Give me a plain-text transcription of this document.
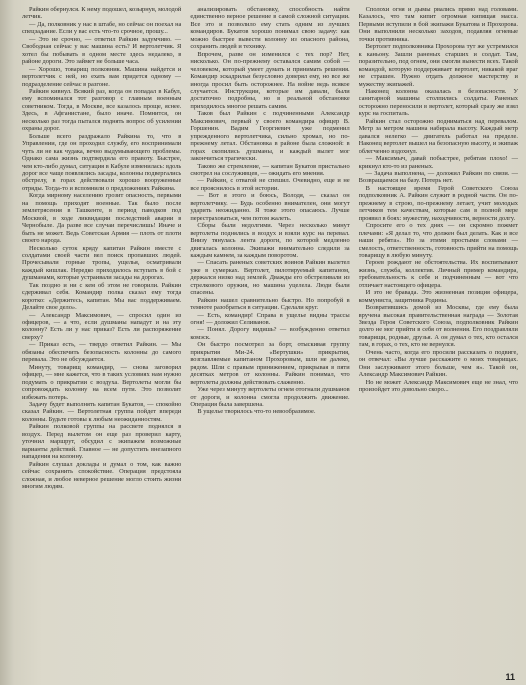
Райкин обернулся. К нему подошел, козырнув, молодой летчик.

— Да, полковник у нас в штабе, но сейчас он поехал на спецзадание. Если у вас есть что-то срочное, прошу...

— Это не срочно, — ответил Райкин задумчиво. — Свободная сейчас у вас машина есть? И вертолетчик. Я хотел бы побывать в одном месте здесь недалеко, в районе дороги. Это займет не больше часа.

— Хорошо, товарищ полковник. Машина найдется и вертолетчик с ней, но ехать вам придется одному — подразделение сейчас в разгоне.

Райкин кивнул. Всякий раз, когда он попадал в Кабул, ему вспоминался тот разговор с главным военным советником. Тогда, в Москве, все казалось проще, яснее. Здесь, в Афганистане, было иначе. Помнится, он несколько раз тогда пытался поднять вопрос об усилении охраны дорог.

Больше всего раздражало Райкина то, что в Управлении, где он проходил службу, его воспринимали чуть ли не как чудака, вечно выдумывающего проблемы. Однако сама жизнь подтвердила его правоту. Быстрее, чем кто-либо думал, ситуация в Кабуле изменилась: вдоль дорог все чаще появлялись засады, колонны подвергались обстрелу, в горах действовали хорошо вооруженные отряды. Тогда-то и вспомнили о предложениях Райкина.

Когда мирному населению грозит опасность, первыми на помощь приходят военные. Так было после землетрясения в Ташкенте, в период паводков под Москвой, в ходе ликвидации последствий аварии в Чернобыле. Да разве все случаи перечислишь! Иначе и быть не может. Ведь Советская Армия — плоть от плоти своего народа.

Несколько суток кряду капитан Райкин вместе с солдатами своей части вел поиск пропавших людей. Прочесывали горные тропы, ущелья, осматривали каждый кишлак. Нередко приходилось вступать в бой с душманами, которые устраивали засады на дорогах.

Так поздно и ни с кем об этом не говорили. Райкин сдерживал себя. Командир полка сказал ему тогда коротко: «Держитесь, капитан. Мы вас поддерживаем. Делайте свое дело».

— Александр Максимович, — спросил один из офицеров, — а что, если душманы нападут и на эту колонну? Есть ли у нас приказ? Есть ли распоряжение сверху?

— Приказ есть, — твердо ответил Райкин. — Мы обязаны обеспечить безопасность колонны до самого перевала. Это не обсуждается.

Минуту, товарищ командир, — снова заговорил офицер, — мне кажется, что в таких условиях нам нужно подумать о прикрытии с воздуха. Вертолеты могли бы сопровождать колонну на всем пути. Это позволит избежать потерь.

Задачу будет выполнять капитан Букатов, — спокойно сказал Райкин. — Вертолетная группа пойдет впереди колонны. Будьте готовы к любым неожиданностям.

Райкин полковой группы на рассвете поднялся в воздух. Перед вылетом он еще раз проверил карту, уточнил маршрут, обсудил с экипажем возможные варианты действий. Главное — не допустить внезапного нападения на колонну.

Райкин слушал доклады и думал о том, как важно сейчас сохранить спокойствие. Операция предстояла сложная, и любое неверное решение могло стоить жизни многим людям.

анализировать обстановку, способность найти единственно верное решение в самой сложной ситуации. Все это и позволило ему стать одним из лучших командиров. Букатов хорошо понимал свою задачу: как можно быстрее вывести колонну из опасного района, сохранить людей и технику.

Впрочем, разве он изменился с тех пор? Нет, нисколько. Он по-прежнему оставался самим собой — человеком, который умеет думать и принимать решения. Командир эскадрильи безусловно доверял ему, но все же иногда просил быть осторожнее. На войне ведь всякое случается. Инструкции, которые им давали, были достаточно подробны, но в реальной обстановке приходилось многое решать самим.

Таков был Райкин с подчиненными Александр Максимович, первый у своего командира офицер В. Горшенин. Вадим Георгиевич уже подменил упрежденного вертолетчика, сильно хромал, но по-прежнему летал. Обстановка в районе была сложной: в горах скопились душманы, и каждый вылет мог закончиться трагически.

Таково же стремление, — капитан Букатов пристально смотрел на сослуживцев, — ожидать его мнения.

— Райкин, с отвагой не спешил. Очевидно, еще и не все прояснилось в этой истории.

— Вот я этого и боюсь, Володя, — сказал он вертолетчику. — Будь особенно внимателен, они могут ударить неожиданно. Я тоже этого опасаюсь. Лучше перестраховаться, чем потом жалеть.

Сборы были недолгими. Через несколько минут вертолеты поднялись в воздух и взяли курс на перевал. Внизу тянулась лента дороги, по которой медленно двигалась колонна. Экипажи внимательно следили за каждым камнем, за каждым поворотом.

— Спасать раненых советских воинов Райкин вылетел уже в сумерках. Вертолет, пилотируемый капитаном, держался низко над землей. Дважды его обстреливали из стрелкового оружия, но машина уцелела. Люди были спасены.

Райкин нашел сравнительно быстро. Но попробуй в темноте разобраться в ситуации. Сделали круг.

— Есть, командир! Справа в ущелье видны трассы огня! — доложил Селиванов.

— Понял. Дорогу видишь? — возбужденно ответил комэск.

Он быстро посмотрел за борт, отыскивая группу прикрытия Ми-24. «Вертушки» прикрытия, возглавляемые капитаном Прохоровым, шли не далеко, рядом. Шли с правым принижением, прикрывая в пяти десятках метров от колонны. Райкин понимал, что вертолеты должны действовать слаженно.

Уже через минуту вертолеты огнем отогнали душманов от дороги, и колонна смогла продолжить движение. Операция была завершена.

В ущелье творилось что-то невообразимое.

Сполохи огня и дымы рвались прямо над головами. Казалось, что там кипит огромная кипящая масса. Первыми вступили в бой экипажи Букатова и Прохорова. Они выполнили несколько заходов, подавляя огневые точки противника.

Вертолет подполковника Прохорова тут же устремился к каньону. Зашли раненых старших и солдат. Там, поразительно, под огнем, они смогли вынести всех. Такой командой, которую поддерживает вертолет, никакой враг не страшен. Нужно отдать должное мастерству и мужеству экипажей.

Наконец колонна оказалась в безопасности. У санитарной машины столпились солдаты. Раненых осторожно переносили в вертолет, который сразу же взял курс на госпиталь.

Райкин стал осторожно подниматься над перевалом. Метр за метром машина набирала высоту. Каждый метр давался нелегко — двигатель работал на пределе. Наконец вертолет вышел на безопасную высоту, и экипаж облегченно вздохнул.

— Максимыч, давай побыстрее, ребятам плохо! — крикнул кто-то из раненых.

— Задача выполнена, — доложил Райкин по связи. — Возвращаемся на базу. Потерь нет.

В настоящее время Герой Советского Союза подполковник А. Райкин служит в родной части. Он по-прежнему в строю, по-прежнему летает, учит молодых летчиков тем качествам, которые сам в полной мере проявил в боях: мужеству, находчивости, верности долгу.

Спросите его о тех днях — он скромно пожмет плечами: «Я делал то, что должен был делать. Как и все наши ребята». Но за этими простыми словами — смелость, ответственность, готовность прийти на помощь товарищу в любую минуту.

Героев рождают не обстоятельства. Их воспитывают жизнь, служба, коллектив. Личный пример командира, требовательность к себе и подчиненным — вот что отличает настоящего офицера.

И это не бравада. Это жизненная позиция офицера, коммуниста, защитника Родины.

Возвратившись домой из Москвы, где ему была вручена высокая правительственная награда — Золотая Звезда Героя Советского Союза, подполковник Райкин долго не мог прийти в себя от волнения. Его поздравляли товарищи, родные, друзья. А он думал о тех, кто остался там, в горах, о тех, кто не вернулся.

Очень часто, когда его просили рассказать о подвиге, он отвечал: «Вы лучше расскажите о моих товарищах. Они заслуживают этого больше, чем я». Такой он, Александр Максимович Райкин.

Но не может Александр Максимович еще не знал, что произойдет это довольно скоро...

11
